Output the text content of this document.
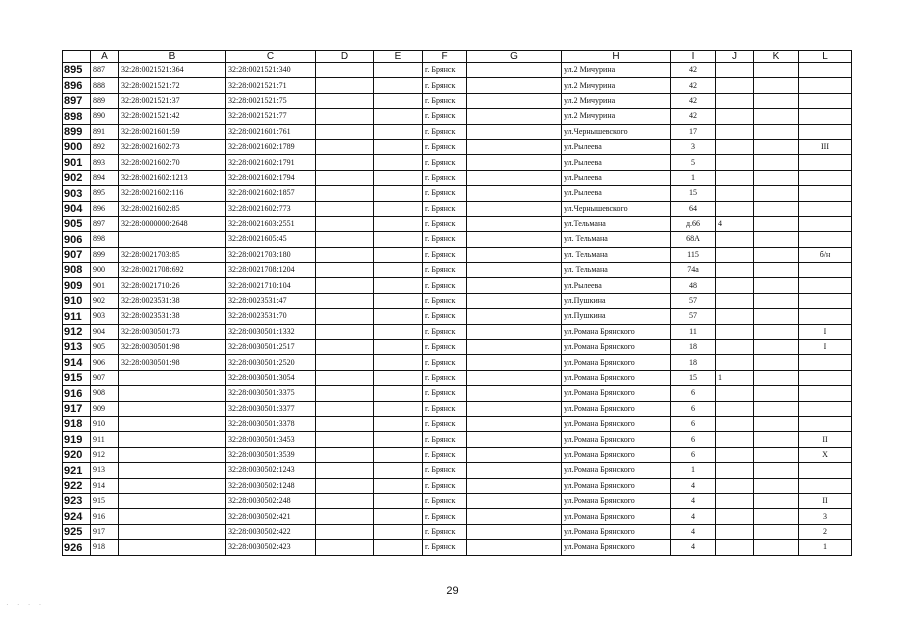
	A	B	C	D	E	F	G	H	I	J	K	L
895	887	32:28:0021521:364	32:28:0021521:340			г. Брянск		ул.2 Мичурина	42			
896	888	32:28:0021521:72	32:28:0021521:71			г. Брянск		ул.2 Мичурина	42			
897	889	32:28:0021521:37	32:28:0021521:75			г. Брянск		ул.2 Мичурина	42			
898	890	32:28:0021521:42	32:28:0021521:77			г. Брянск		ул.2 Мичурина	42			
899	891	32:28:0021601:59	32:28:0021601:761			г. Брянск		ул.Чернышевского	17			
900	892	32:28:0021602:73	32:28:0021602:1789			г. Брянск		ул.Рылеева	3			III
901	893	32:28:0021602:70	32:28:0021602:1791			г. Брянск		ул.Рылеева	5			
902	894	32:28:0021602:1213	32:28:0021602:1794			г. Брянск		ул.Рылеева	1			
903	895	32:28:0021602:116	32:28:0021602:1857			г. Брянск		ул.Рылеева	15			
904	896	32:28:0021602:85	32:28:0021602:773			г. Брянск		ул.Чернышевского	64			
905	897	32:28:0000000:2648	32:28:0021603:2551			г. Брянск		ул.Тельмана	д.66	4		
906	898		32:28:0021605:45			г. Брянск		ул. Тельмана	68А			
907	899	32:28:0021703:85	32:28:0021703:180			г. Брянск		ул. Тельмана	115			б/н
908	900	32:28:0021708:692	32:28:0021708:1204			г. Брянск		ул. Тельмана	74а			
909	901	32:28:0021710:26	32:28:0021710:104			г. Брянск		ул.Рылеева	48			
910	902	32:28:0023531:38	32:28:0023531:47			г. Брянск		ул.Пушкина	57			
911	903	32:28:0023531:38	32:28:0023531:70			г. Брянск		ул.Пушкина	57			
912	904	32:28:0030501:73	32:28:0030501:1332			г. Брянск		ул.Романа Брянского	11			I
913	905	32:28:0030501:98	32:28:0030501:2517			г. Брянск		ул.Романа Брянского	18			I
914	906	32:28:0030501:98	32:28:0030501:2520			г. Брянск		ул.Романа Брянского	18			
915	907		32:28:0030501:3054			г. Брянск		ул.Романа Брянского	15	1		
916	908		32:28:0030501:3375			г. Брянск		ул.Романа Брянского	6			
917	909		32:28:0030501:3377			г. Брянск		ул.Романа Брянского	6			
918	910		32:28:0030501:3378			г. Брянск		ул.Романа Брянского	6			
919	911		32:28:0030501:3453			г. Брянск		ул.Романа Брянского	6			II
920	912		32:28:0030501:3539			г. Брянск		ул.Романа Брянского	6			X
921	913		32:28:0030502:1243			г. Брянск		ул.Романа Брянского	1			
922	914		32:28:0030502:1248			г. Брянск		ул.Романа Брянского	4			
923	915		32:28:0030502:248			г. Брянск		ул.Романа Брянского	4			II
924	916		32:28:0030502:421			г. Брянск		ул.Романа Брянского	4			3
925	917		32:28:0030502:422			г. Брянск		ул.Романа Брянского	4			2
926	918		32:28:0030502:423			г. Брянск		ул.Романа Брянского	4			1
29
· · · ·
